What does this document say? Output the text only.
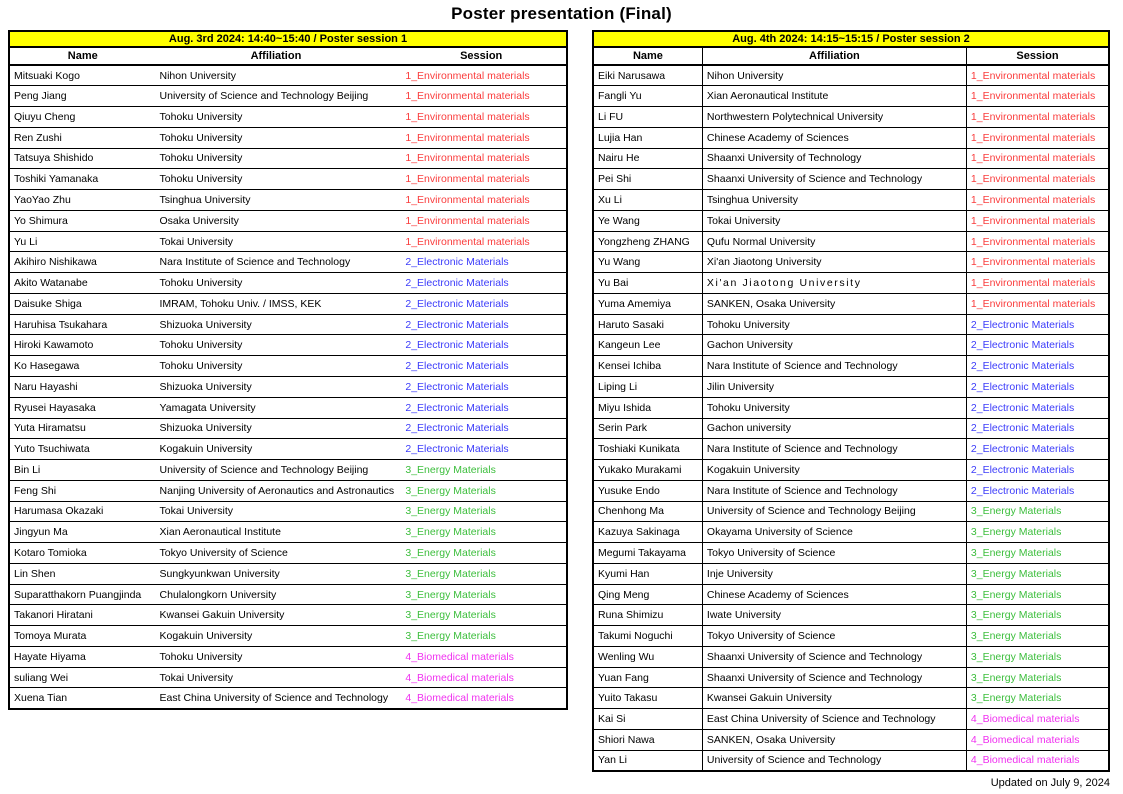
Poster presentation (Final)
Aug. 3rd 2024: 14:40~15:40 / Poster session 1		
Name	Affiliation	Session
Mitsuaki Kogo	Nihon University	1_Environmental materials
Peng Jiang	University of Science and Technology Beijing	1_Environmental materials
Qiuyu Cheng	Tohoku University	1_Environmental materials
Ren Zushi	Tohoku University	1_Environmental materials
Tatsuya Shishido	Tohoku University	1_Environmental materials
Toshiki Yamanaka	Tohoku University	1_Environmental materials
YaoYao Zhu	Tsinghua University	1_Environmental materials
Yo Shimura	Osaka University	1_Environmental materials
Yu Li	Tokai University	1_Environmental materials
Akihiro Nishikawa	Nara Institute of Science and Technology	2_Electronic Materials
Akito Watanabe	Tohoku University	2_Electronic Materials
Daisuke Shiga	IMRAM, Tohoku Univ. / IMSS, KEK	2_Electronic Materials
Haruhisa Tsukahara	Shizuoka University	2_Electronic Materials
Hiroki Kawamoto	Tohoku University	2_Electronic Materials
Ko Hasegawa	Tohoku University	2_Electronic Materials
Naru Hayashi	Shizuoka University	2_Electronic Materials
Ryusei Hayasaka	Yamagata University	2_Electronic Materials
Yuta Hiramatsu	Shizuoka University	2_Electronic Materials
Yuto Tsuchiwata	Kogakuin University	2_Electronic Materials
Bin Li	University of Science and Technology Beijing	3_Energy Materials
Feng Shi	Nanjing University of Aeronautics and Astronautics	3_Energy Materials
Harumasa Okazaki	Tokai University	3_Energy Materials
Jingyun Ma	Xian Aeronautical Institute	3_Energy Materials
Kotaro Tomioka	Tokyo University of Science	3_Energy Materials
Lin Shen	Sungkyunkwan University	3_Energy Materials
Suparatthakorn Puangjinda	Chulalongkorn University	3_Energy Materials
Takanori Hiratani	Kwansei Gakuin University	3_Energy Materials
Tomoya Murata	Kogakuin University	3_Energy Materials
Hayate Hiyama	Tohoku University	4_Biomedical materials
suliang Wei	Tokai University	4_Biomedical materials
Xuena Tian	East China University of Science and Technology	4_Biomedical materials
Aug. 4th 2024: 14:15~15:15 / Poster session 2		
Name	Affiliation	Session
Eiki Narusawa	Nihon University	1_Environmental materials
Fangli Yu	Xian Aeronautical Institute	1_Environmental materials
Li FU	Northwestern Polytechnical University	1_Environmental materials
Lujia Han	Chinese Academy of Sciences	1_Environmental materials
Nairu He	Shaanxi University of Technology	1_Environmental materials
Pei Shi	Shaanxi University of Science and Technology	1_Environmental materials
Xu Li	Tsinghua University	1_Environmental materials
Ye Wang	Tokai University	1_Environmental materials
Yongzheng ZHANG	Qufu Normal University	1_Environmental materials
Yu Wang	Xi'an Jiaotong University	1_Environmental materials
Yu Bai	Xi'an Jiaotong University	1_Environmental materials
Yuma Amemiya	SANKEN, Osaka University	1_Environmental materials
Haruto Sasaki	Tohoku University	2_Electronic Materials
Kangeun Lee	Gachon University	2_Electronic Materials
Kensei Ichiba	Nara Institute of Science and Technology	2_Electronic Materials
Liping Li	Jilin University	2_Electronic Materials
Miyu Ishida	Tohoku University	2_Electronic Materials
Serin Park	Gachon university	2_Electronic Materials
Toshiaki Kunikata	Nara Institute of Science and Technology	2_Electronic Materials
Yukako Murakami	Kogakuin University	2_Electronic Materials
Yusuke Endo	Nara Institute of Science and Technology	2_Electronic Materials
Chenhong Ma	University of Science and Technology Beijing	3_Energy Materials
Kazuya Sakinaga	Okayama University of Science	3_Energy Materials
Megumi Takayama	Tokyo University of Science	3_Energy Materials
Kyumi Han	Inje University	3_Energy Materials
Qing Meng	Chinese Academy of Sciences	3_Energy Materials
Runa Shimizu	Iwate University	3_Energy Materials
Takumi Noguchi	Tokyo University of Science	3_Energy Materials
Wenling Wu	Shaanxi University of Science and Technology	3_Energy Materials
Yuan Fang	Shaanxi University of Science and Technology	3_Energy Materials
Yuito Takasu	Kwansei Gakuin University	3_Energy Materials
Kai Si	East China University of Science and Technology	4_Biomedical materials
Shiori Nawa	SANKEN, Osaka University	4_Biomedical materials
Yan Li	University of Science and Technology	4_Biomedical materials
Updated on July 9, 2024
